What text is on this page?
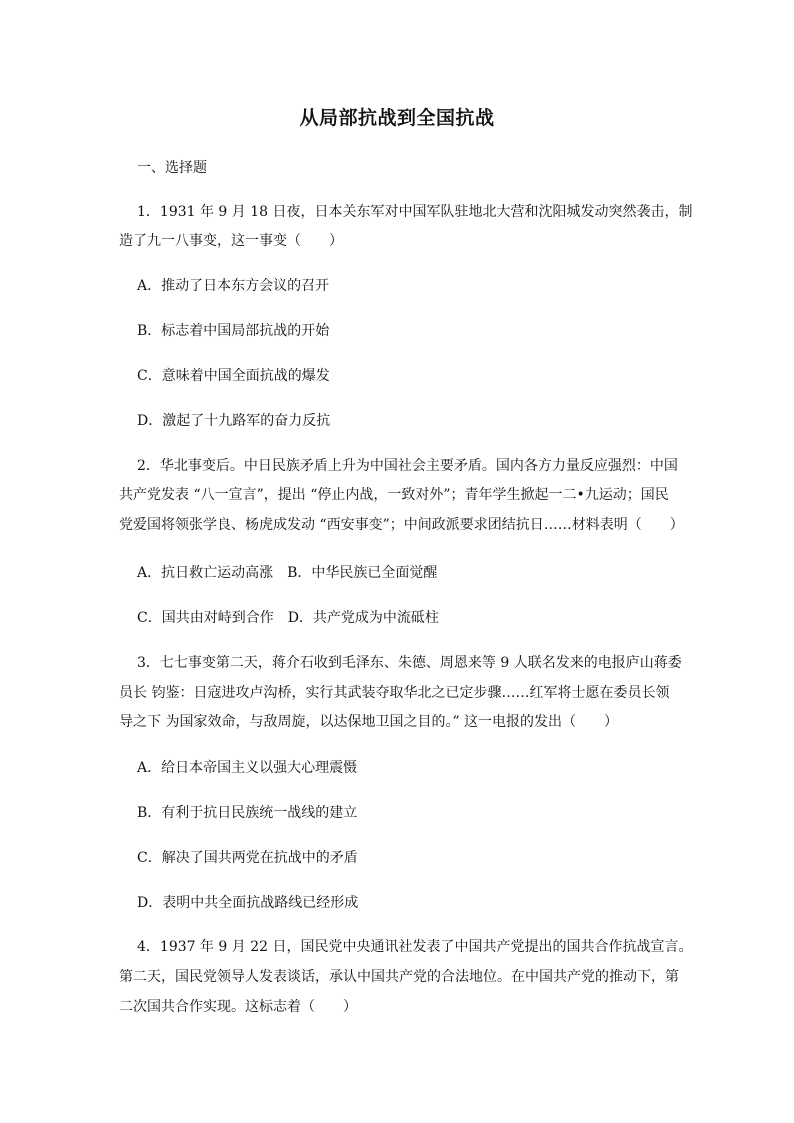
从局部抗战到全国抗战
一、选择题
1．1931 年 9 月 18 日夜，日本关东军对中国军队驻地北大营和沈阳城发动突然袭击，制
造了九一八事变，这一事变（　　）
A．推动了日本东方会议的召开
B．标志着中国局部抗战的开始
C．意味着中国全面抗战的爆发
D．激起了十九路军的奋力反抗
2．华北事变后。中日民族矛盾上升为中国社会主要矛盾。国内各方力量反应强烈：中国
共产党发表 “八一宣言”，提出 “停止内战，一致对外”；青年学生掀起一二•九运动；国民
党爱国将领张学良、杨虎成发动 “西安事变”；中间政派要求团结抗日……材料表明（　　）
A．抗日救亡运动高涨　B．中华民族已全面觉醒
C．国共由对峙到合作　D．共产党成为中流砥柱
3．七七事变第二天，蒋介石收到毛泽东、朱德、周恩来等 9 人联名发来的电报庐山蒋委
员长 钧鉴：日寇进攻卢沟桥，实行其武装夺取华北之已定步骤……红军将士愿在委员长领
导之下 为国家效命，与敌周旋，以达保地卫国之目的。” 这一电报的发出（　　）
A．给日本帝国主义以强大心理震慑
B．有利于抗日民族统一战线的建立
C．解决了国共两党在抗战中的矛盾
D．表明中共全面抗战路线已经形成
4．1937 年 9 月 22 日，国民党中央通讯社发表了中国共产党提出的国共合作抗战宣言。
第二天，国民党领导人发表谈话，承认中国共产党的合法地位。在中国共产党的推动下，第
二次国共合作实现。这标志着（　　）
